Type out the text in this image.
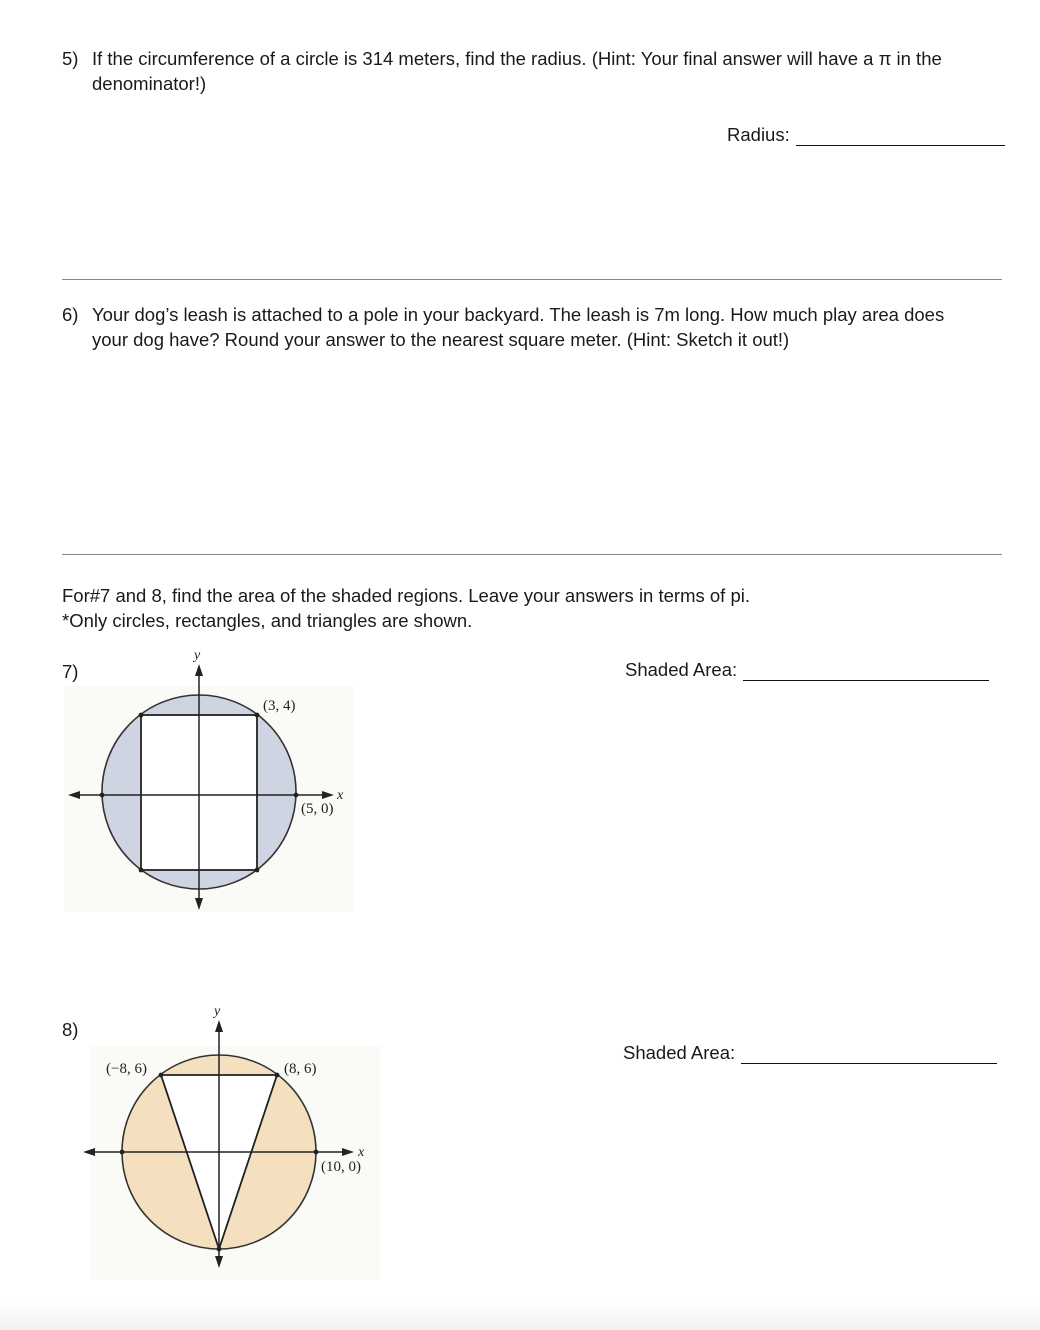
5) If the circumference of a circle is 314 meters, find the radius. (Hint: Your final answer will have a π in the
denominator!)
Radius:
6) Your dog’s leash is attached to a pole in your backyard. The leash is 7m long. How much play area does
your dog have? Round your answer to the nearest square meter. (Hint: Sketch it out!)
For#7 and 8, find the area of the shaded regions. Leave your answers in terms of pi.
*Only circles, rectangles, and triangles are shown.
7)	Shaded Area:
y
x
(3, 4)
(5, 0)
8)
Shaded Area:
y
x
(−8, 6)	(8, 6)
(10, 0)
